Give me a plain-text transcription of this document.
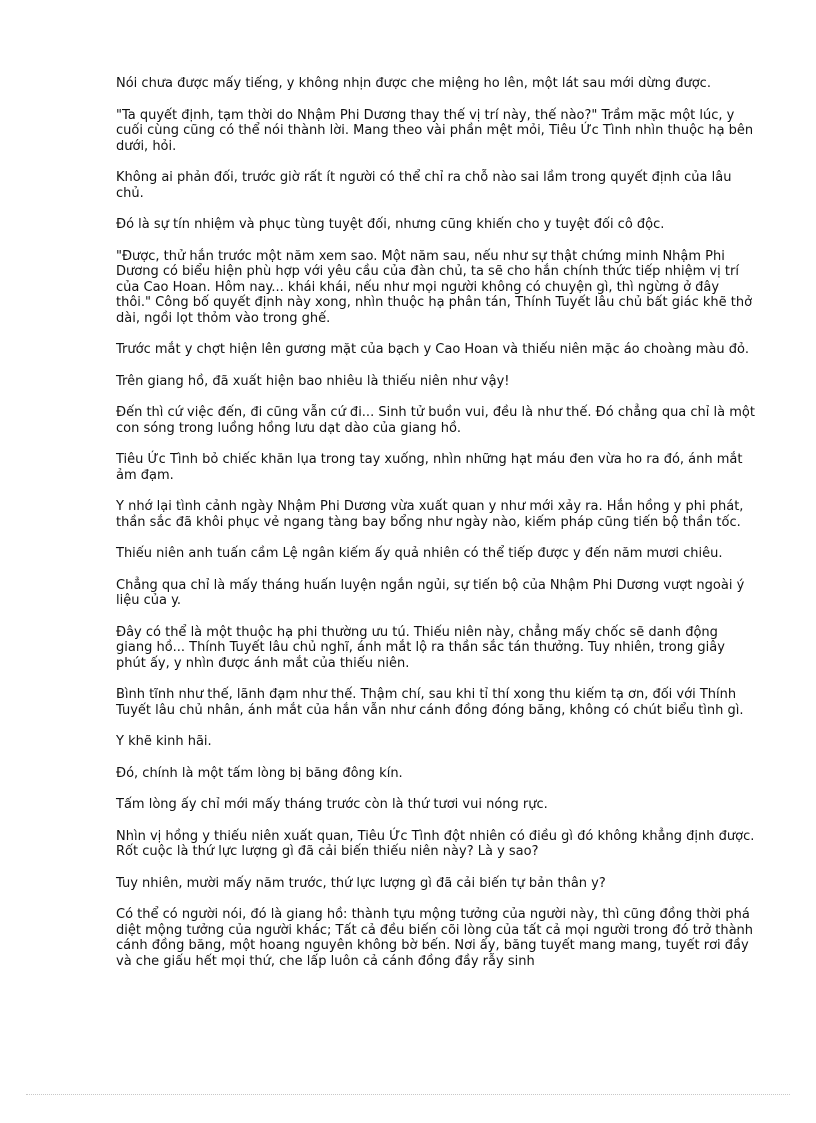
Nói chưa được mấy tiếng, y không nhịn được che miệng ho lên, một lát sau mới dừng được.

"Ta quyết định, tạm thời do Nhậm Phi Dương thay thế vị trí này, thế nào?" Trầm mặc một lúc, y cuối cùng cũng có thể nói thành lời. Mang theo vài phần mệt mỏi, Tiêu Ức Tình nhìn thuộc hạ bên dưới, hỏi.

Không ai phản đối, trước giờ rất ít người có thể chỉ ra chỗ nào sai lầm trong quyết định của lâu chủ.

Đó là sự tín nhiệm và phục tùng tuyệt đối, nhưng cũng khiến cho y tuyệt đối cô độc.

"Được, thử hắn trước một năm xem sao. Một năm sau, nếu như sự thật chứng minh Nhậm Phi Dương có biểu hiện phù hợp với yêu cầu của đàn chủ, ta sẽ cho hắn chính thức tiếp nhiệm vị trí của Cao Hoan. Hôm nay... khái khái, nếu như mọi người không có chuyện gì, thì ngừng ở đây thôi." Công bố quyết định này xong, nhìn thuộc hạ phân tán, Thính Tuyết lâu chủ bất giác khẽ thở dài, ngồi lọt thỏm vào trong ghế.

Trước mắt y chợt hiện lên gương mặt của bạch y Cao Hoan và thiếu niên mặc áo choàng màu đỏ.

Trên giang hồ, đã xuất hiện bao nhiêu là thiếu niên như vậy!

Đến thì cứ việc đến, đi cũng vẫn cứ đi... Sinh tử buồn vui, đều là như thế. Đó chẳng qua chỉ là một con sóng trong luồng hồng lưu dạt dào của giang hồ.

Tiêu Ức Tình bỏ chiếc khăn lụa trong tay xuống, nhìn những hạt máu đen vừa ho ra đó, ánh mắt ảm đạm.

Y nhớ lại tình cảnh ngày Nhậm Phi Dương vừa xuất quan y như mới xảy ra. Hắn hồng y phi phát, thần sắc đã khôi phục vẻ ngang tàng bay bổng như ngày nào, kiếm pháp cũng tiến bộ thần tốc.

Thiếu niên anh tuấn cầm Lệ ngân kiếm ấy quả nhiên có thể tiếp được y đến năm mươi chiêu.

Chẳng qua chỉ là mấy tháng huấn luyện ngắn ngủi, sự tiến bộ của Nhậm Phi Dương vượt ngoài ý liệu của y.

Đây có thể là một thuộc hạ phi thường ưu tú. Thiếu niên này, chẳng mấy chốc sẽ danh động giang hồ... Thính Tuyết lâu chủ nghĩ, ánh mắt lộ ra thần sắc tán thưởng. Tuy nhiên, trong giây phút ấy, y nhìn được ánh mắt của thiếu niên.

Bình tĩnh như thế, lãnh đạm như thế. Thậm chí, sau khi tỉ thí xong thu kiếm tạ ơn, đối với Thính Tuyết lâu chủ nhân, ánh mắt của hắn vẫn như cánh đồng đóng băng, không có chút biểu tình gì.

Y khẽ kinh hãi.

Đó, chính là một tấm lòng bị băng đông kín.

Tấm lòng ấy chỉ mới mấy tháng trước còn là thứ tươi vui nóng rực.

Nhìn vị hồng y thiếu niên xuất quan, Tiêu Ức Tình đột nhiên có điều gì đó không khẳng định được. Rốt cuộc là thứ lực lượng gì đã cải biến thiếu niên này? Là y sao?

Tuy nhiên, mười mấy năm trước, thứ lực lượng gì đã cải biến tự bản thân y?

Có thể có người nói, đó là giang hồ: thành tựu mộng tưởng của người này, thì cũng đồng thời phá diệt mộng tưởng của người khác; Tất cả đều biến cõi lòng của tất cả mọi người trong đó trở thành cánh đồng băng, một hoang nguyên không bờ bến. Nơi ấy, băng tuyết mang mang, tuyết rơi đầy và che giấu hết mọi thứ, che lấp luôn cả cánh đồng đầy rẫy sinh
